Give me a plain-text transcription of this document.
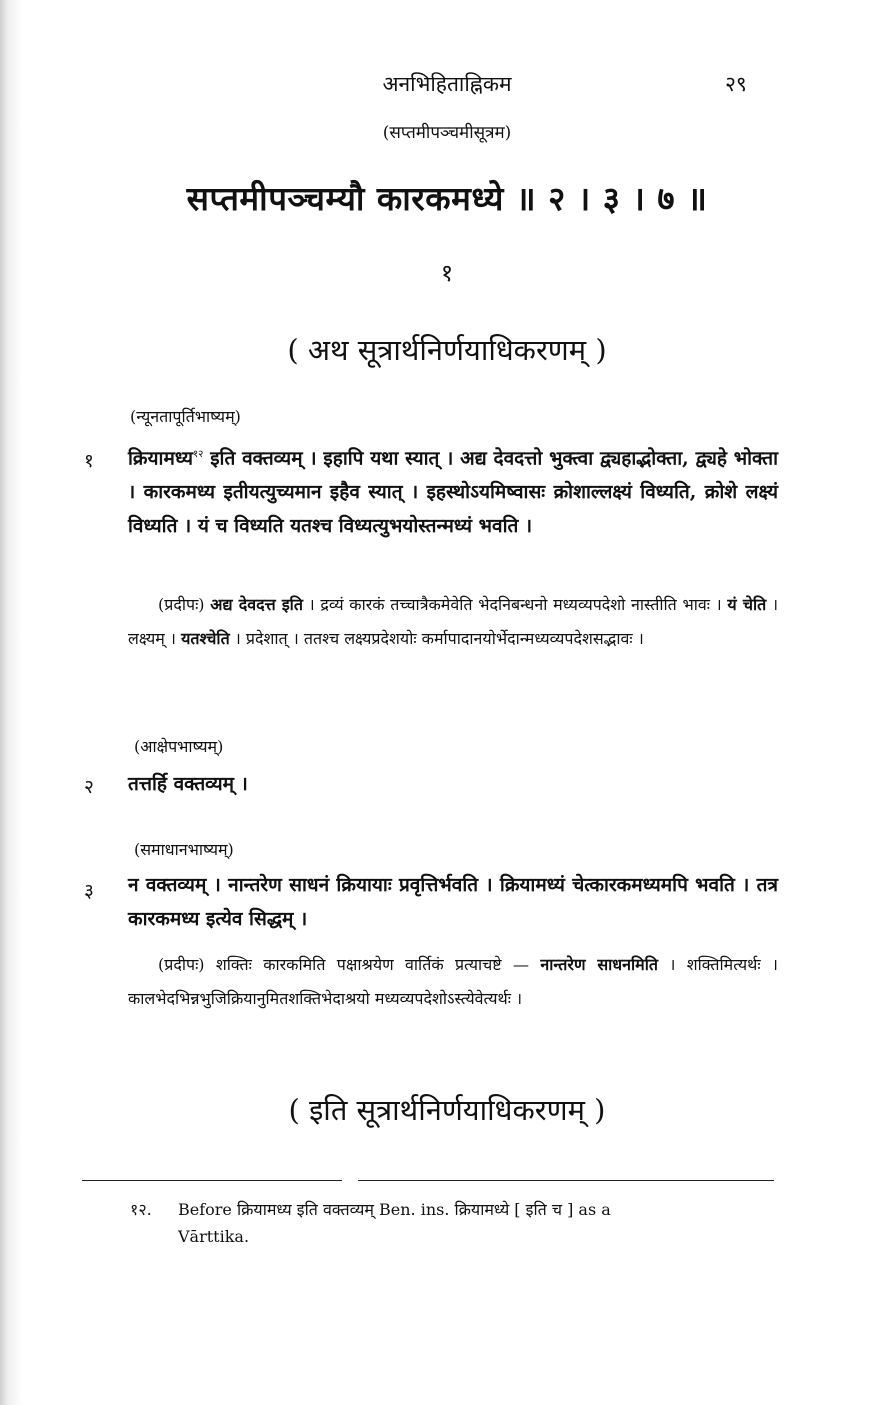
अनभिहिताह्निकम	२९
(सप्तमीपञ्चमीसूत्रम)
सप्तमीपञ्चम्यौ कारकमध्ये ॥ २ । ३ । ७ ॥
१
( अथ सूत्रार्थनिर्णयाधिकरणम् )
(न्यूनतापूर्तिभाष्यम्)
१ क्रियामध्य$^{१२}$ इति वक्तव्यम् । इहापि यथा स्यात् । अद्य देवदत्तो भुक्त्वा द्व्यहाद्भोक्ता, द्व्यहे भोक्ता । कारकमध्य इतीयत्युच्यमान इहैव स्यात् । इहस्थोऽयमिष्वासः क्रोशाल्लक्ष्यं विध्यति, क्रोशे लक्ष्यं विध्यति । यं च विध्यति यतश्च विध्यत्युभयोस्तन्मध्यं भवति ।
(प्रदीपः) अद्य देवदत्त इति । द्रव्यं कारकं तच्चात्रैकमेवेति भेदनिबन्धनो मध्यव्यपदेशो नास्तीति भावः । यं चेति । लक्ष्यम् । यतश्चेति । प्रदेशात् । ततश्च लक्ष्यप्रदेशयोः कर्मापादानयोर्भेदान्मध्यव्यपदेशसद्भावः ।
(आक्षेपभाष्यम्)
२ तत्तर्हि वक्तव्यम् ।
(समाधानभाष्यम्)
३ न वक्तव्यम् । नान्तरेण साधनं क्रियायाः प्रवृत्तिर्भवति । क्रियामध्यं चेत्कारकमध्यमपि भवति । तत्र कारकमध्य इत्येव सिद्धम् ।
(प्रदीपः) शक्तिः कारकमिति पक्षाश्रयेण वार्तिकं प्रत्याचष्टे — नान्तरेण साधनमिति । शक्तिमित्यर्थः । कालभेदभिन्नभुजिक्रियानुमितशक्तिभेदाश्रयो मध्यव्यपदेशोऽस्त्येवेत्यर्थः ।
( इति सूत्रार्थनिर्णयाधिकरणम् )
१२. Before क्रियामध्य इति वक्तव्यम् Ben. ins. क्रियामध्ये [ इति च ] as a
Vārttika.
